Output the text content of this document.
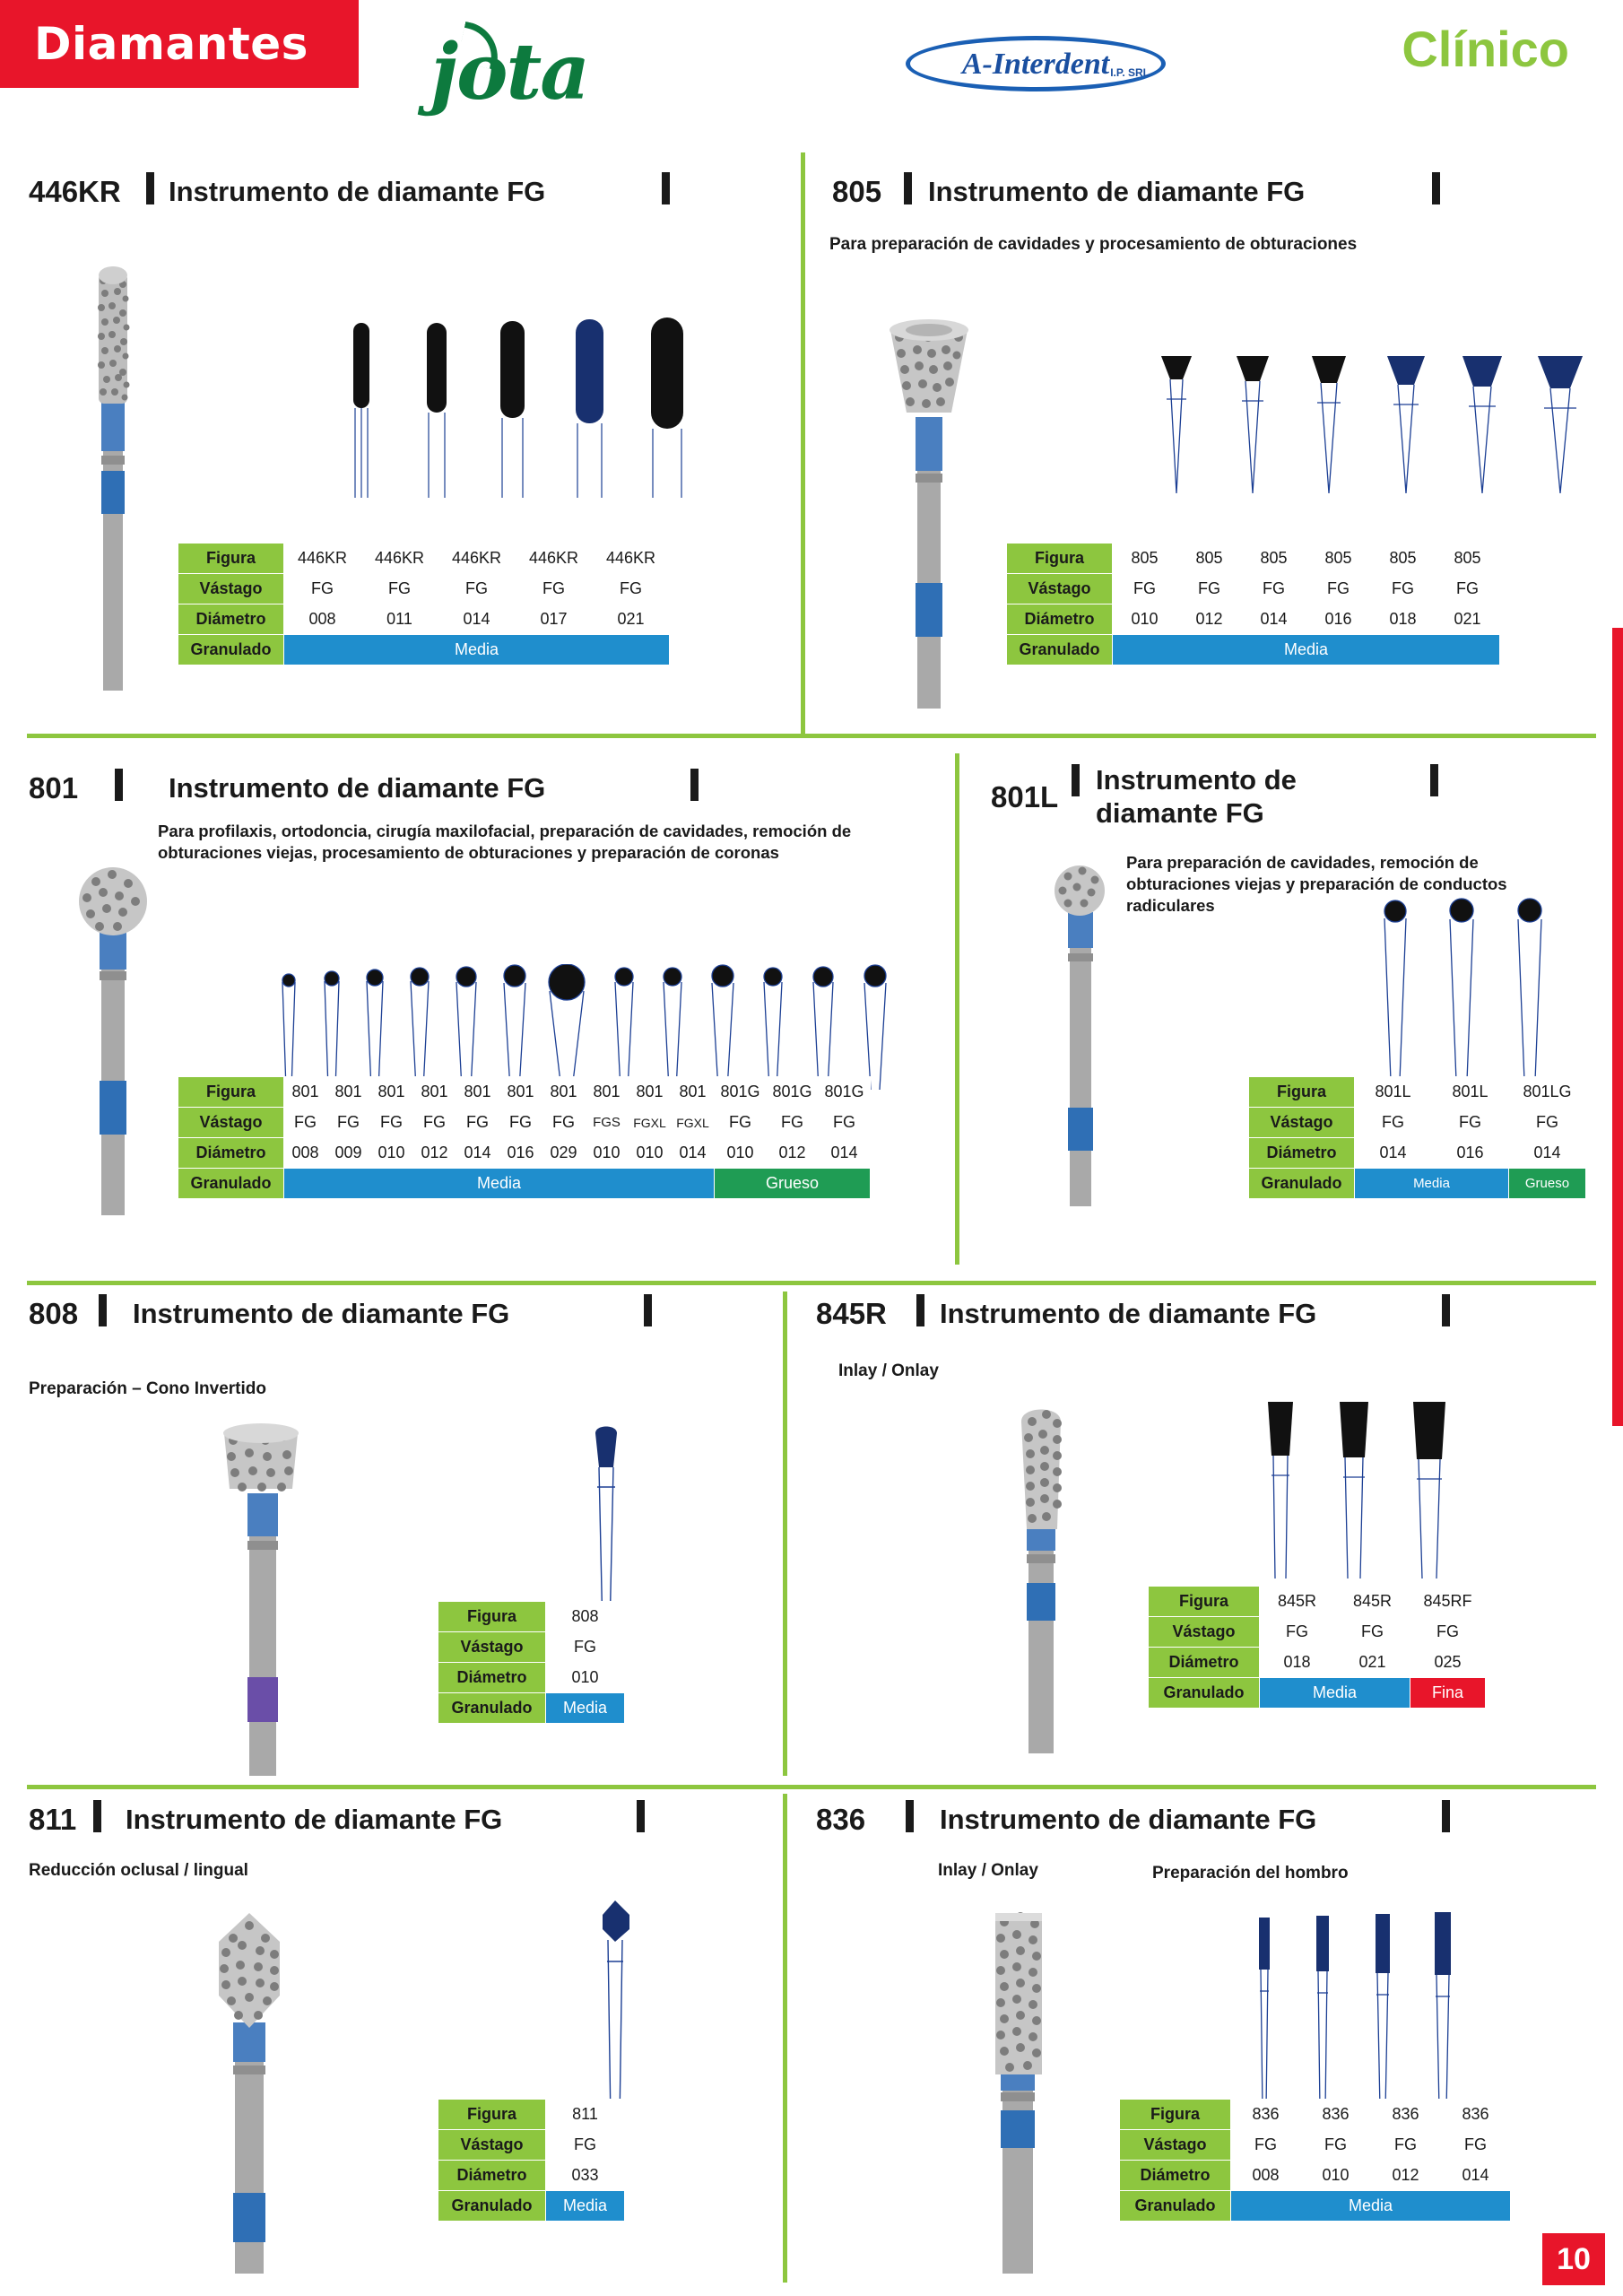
Diamantes	Clínico
jota	A-Interdent I.P. SRL
446KR Instrumento de diamante FG
Figura	446KR	446KR	446KR	446KR	446KR
Vástago	FG	FG	FG	FG	FG
Diámetro	008	011	014	017	021
Granulado	Media				
805 Instrumento de diamante FG
Para preparación de cavidades y procesamiento de obturaciones
Figura	805	805	805	805	805	805
Vástago	FG	FG	FG	FG	FG	FG
Diámetro	010	012	014	016	018	021
Granulado	Media					
801	Instrumento de diamante FG
Para profilaxis, ortodoncia, cirugía maxilofacial, preparación de cavidades, remoción de obturaciones viejas, procesamiento de obturaciones y preparación de coronas
Figura	801	801	801	801	801	801	801	801	801	801	801G	801G	801G
Vástago	FG	FG	FG	FG	FG	FG	FG	FGS	FGXL	FGXL	FG	FG	FG
Diámetro	008	009	010	012	014	016	029	010	010	014	010	012	014
Granulado	Media										Grueso		
801L
Instrumento de diamante FG
Para preparación de cavidades, remoción de obturaciones viejas y preparación de conductos radiculares
Figura	801L	801L	801LG
Vástago	FG	FG	FG
Diámetro	014	016	014
Granulado	Media		Grueso
808 Instrumento de diamante FG
Preparación – Cono Invertido
Figura	808
Vástago	FG
Diámetro	010
Granulado	Media
845R Instrumento de diamante FG
Inlay / Onlay
Figura	845R	845R	845RF
Vástago	FG	FG	FG
Diámetro	018	021	025
Granulado	Media		Fina
811 Instrumento de diamante FG
Reducción oclusal / lingual
Figura	811
Vástago	FG
Diámetro	033
Granulado	Media
836	Instrumento de diamante FG
Inlay / Onlay	Preparación del hombro
Figura	836	836	836	836
Vástago	FG	FG	FG	FG
Diámetro	008	010	012	014
Granulado	Media			
10
